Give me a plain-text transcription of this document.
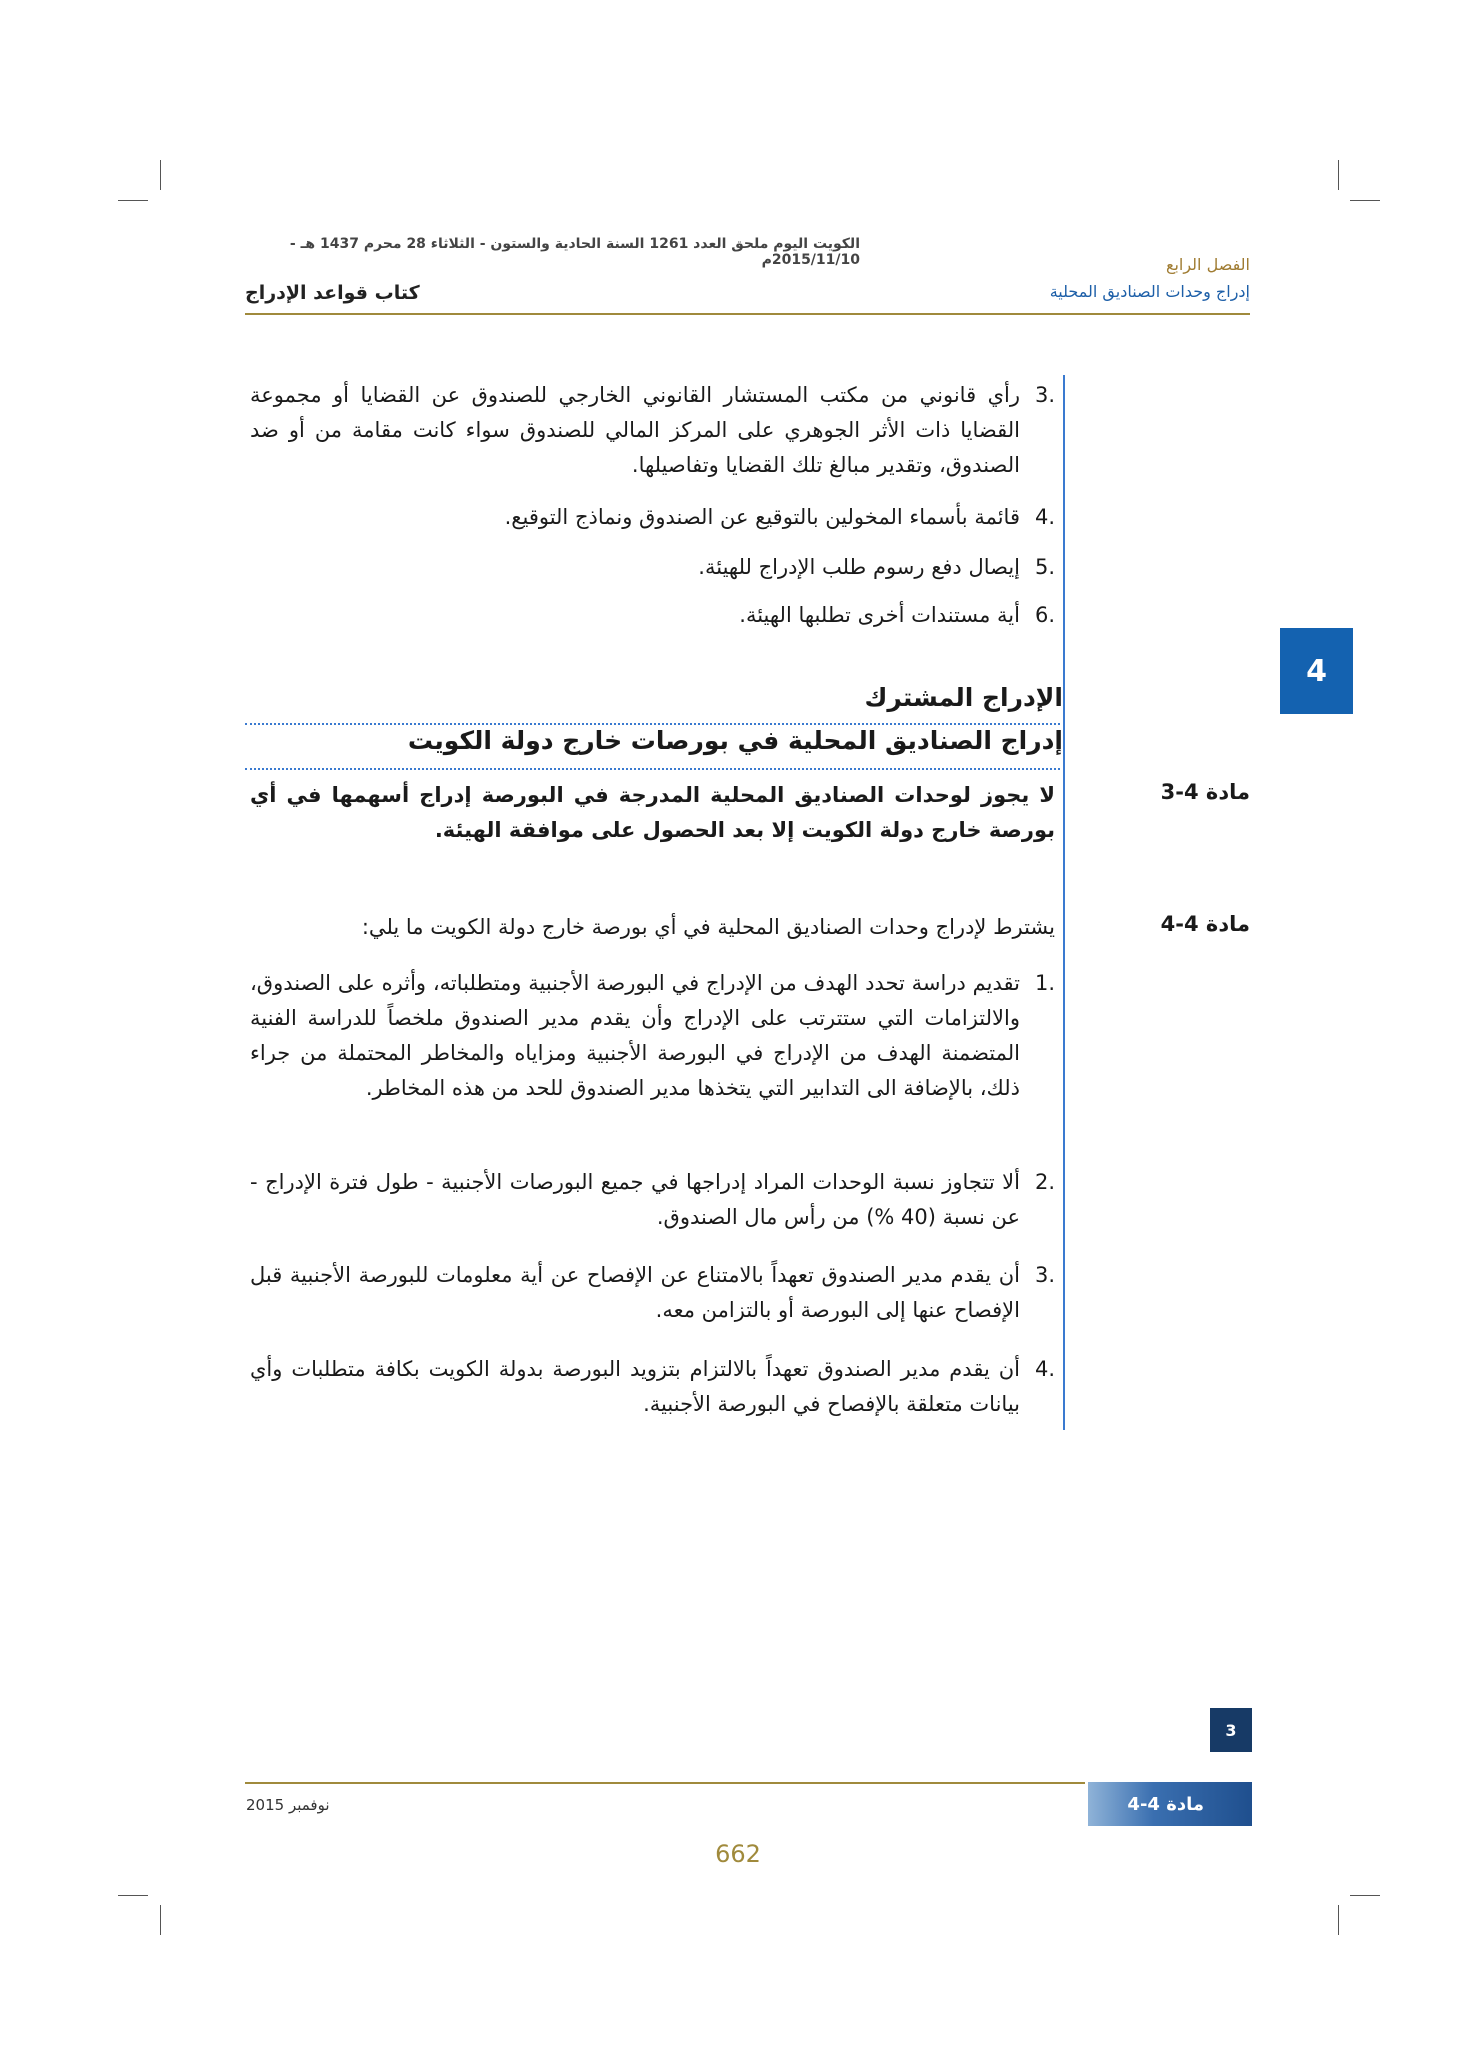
الكويت اليوم ملحق العدد 1261 السنة الحادية والستون - الثلاثاء 28 محرم 1437 هـ - 2015/11/10م	الفصل الرابع
إدراج وحدات الصناديق المحلية
كتاب قواعد الإدراج
4
3.
رأي قانوني من مكتب المستشار القانوني الخارجي للصندوق عن القضايا أو مجموعة القضايا ذات الأثر الجوهري على المركز المالي للصندوق سواء كانت مقامة من أو ضد الصندوق، وتقدير مبالغ تلك القضايا وتفاصيلها.
4.
قائمة بأسماء المخولين بالتوقيع عن الصندوق ونماذج التوقيع.
5.
إيصال دفع رسوم طلب الإدراج للهيئة.
6.
أية مستندات أخرى تطلبها الهيئة.
الإدراج المشترك
إدراج الصناديق المحلية في بورصات خارج دولة الكويت
مادة 4-3
لا يجوز لوحدات الصناديق المحلية المدرجة في البورصة إدراج أسهمها في أي بورصة خارج دولة الكويت إلا بعد الحصول على موافقة الهيئة.
مادة 4-4
يشترط لإدراج وحدات الصناديق المحلية في أي بورصة خارج دولة الكويت ما يلي:
1.
تقديم دراسة تحدد الهدف من الإدراج في البورصة الأجنبية ومتطلباته، وأثره على الصندوق، والالتزامات التي ستترتب على الإدراج وأن يقدم مدير الصندوق ملخصاً للدراسة الفنية المتضمنة الهدف من الإدراج في البورصة الأجنبية ومزاياه والمخاطر المحتملة من جراء ذلك، بالإضافة الى التدابير التي يتخذها مدير الصندوق للحد من هذه المخاطر.
2.
ألا تتجاوز نسبة الوحدات المراد إدراجها في جميع البورصات الأجنبية - طول فترة الإدراج - عن نسبة (40 %) من رأس مال الصندوق.
3.
أن يقدم مدير الصندوق تعهداً بالامتناع عن الإفصاح عن أية معلومات للبورصة الأجنبية قبل الإفصاح عنها إلى البورصة أو بالتزامن معه.
4.
أن يقدم مدير الصندوق تعهداً بالالتزام بتزويد البورصة بدولة الكويت بكافة متطلبات وأي بيانات متعلقة بالإفصاح في البورصة الأجنبية.
3
مادة 4-4
نوفمبر 2015
662
